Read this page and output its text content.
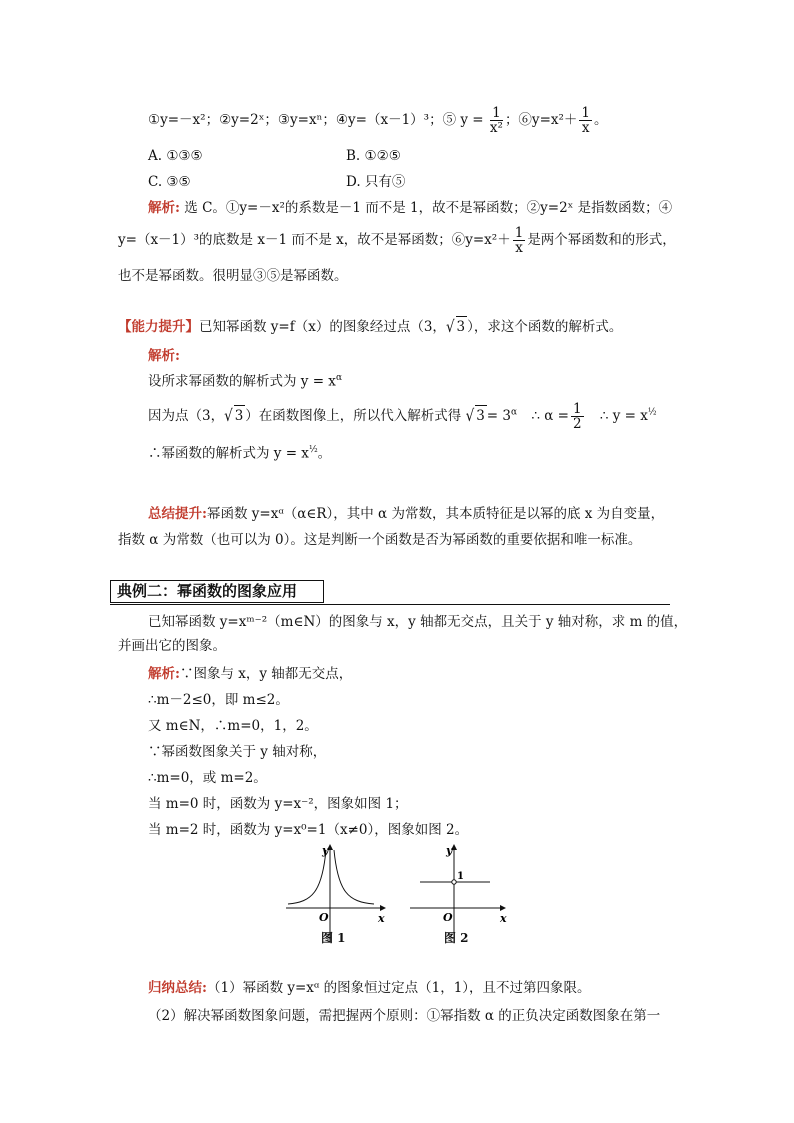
①y=－x²；②y=2ˣ；③y=xⁿ；④y=（x－1）³；⑤ $y = \frac{1}{\text{x²}}$ ；⑥y=x²＋ $\frac{1}{x}$ 。
A. ①③⑤	B. ①②⑤
C. ③⑤	D. 只有⑤
解析: 选 C。①y=－x²的系数是－1 而不是 1，故不是幂函数；②y=2ˣ 是指数函数；④
y=（x－1）³的底数是 x－1 而不是 x，故不是幂函数；⑥y=x²＋ $\frac{1}{x}$ 是两个幂函数和的形式，
也不是幂函数。很明显③⑤是幂函数。
【能力提升】已知幂函数 y=f（x）的图象经过点（3，√ 3 ），求这个函数的解析式。
解析:
设所求幂函数的解析式为 $y = x^\alpha$
因为点（3，√ 3 ）在函数图像上，所以代入解析式得 √ $3 = 3^\alpha$ ∴ $\alpha = \frac{1}{2}$ ∴ $y = x^{\frac{1}{2}}$
∴幂函数的解析式为 $y = x^{\frac{1}{2}}$。
总结提升:幂函数 y=xᵅ（α∈R），其中 α 为常数，其本质特征是以幂的底 x 为自变量，
指数 α 为常数（也可以为 0）。这是判断一个函数是否为幂函数的重要依据和唯一标准。
典例二：幂函数的图象应用
已知幂函数 y=xᵐ⁻²（m∈N）的图象与 x，y 轴都无交点，且关于 y 轴对称，求 m 的值，
并画出它的图象。
解析:∵图象与 x，y 轴都无交点，
∴m－2≤0，即 m≤2。
又 m∈N，∴m=0，1，2。
∵幂函数图象关于 y 轴对称，
∴m=0，或 m=2。
当 m=0 时，函数为 y=x⁻²，图象如图 1；
当 m=2 时，函数为 y=x⁰=1（x≠0），图象如图 2。
y
x
O
图 1
y
x
O
1
图 2
归纳总结:（1）幂函数 y=xᵅ 的图象恒过定点（1，1），且不过第四象限。
（2）解决幂函数图象问题，需把握两个原则：①幂指数 α 的正负决定函数图象在第一
